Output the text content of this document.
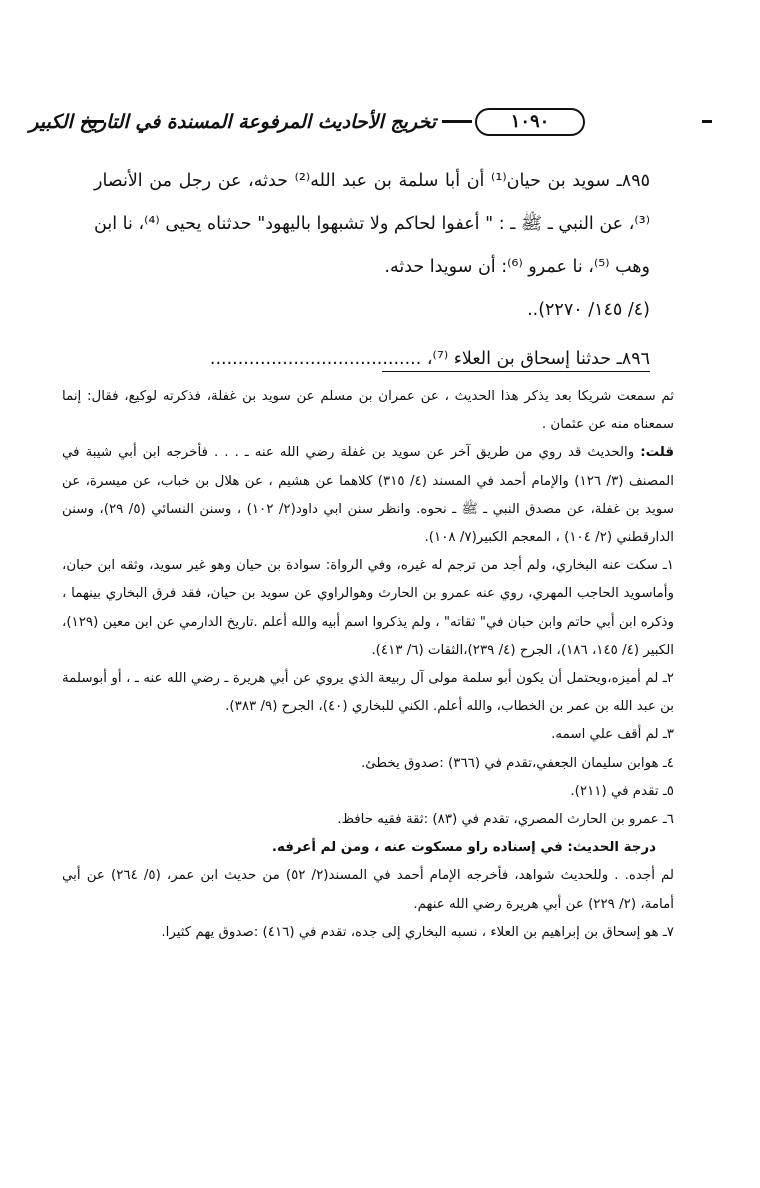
تخريج الأحاديث المرفوعة المسندة في التاريخ الكبير	١٠٩٠

٨٩٥ـ سويد بن حيان⁽¹⁾ أن أبا سلمة بن عبد الله⁽²⁾ حدثه، عن رجل من الأنصار ⁽³⁾، عن النبي ـ ﷺ ـ : " أعفوا لحاكم ولا تشبهوا باليهود" حدثناه يحيى ⁽⁴⁾، نا ابن وهب ⁽⁵⁾، نا عمرو ⁽⁶⁾: أن سويدا حدثه.

(٤/ ١٤٥/ ٢٢٧٠)..

٨٩٦ـ حدثنا إسحاق بن العلاء ⁽⁷⁾، ......................................

ثم سمعت شريكا بعد يذكر هذا الحديث ، عن عمران بن مسلم عن سويد بن غفلة، فذكرته لوكيع، فقال: إنما سمعناه منه عن عثمان .

قلت: والحديث قد روي من طريق آخر عن سويد بن غفلة رضي الله عنه ـ . . . فأخرجه ابن أبي شيبة في المصنف (٣/ ١٢٦) والإمام أحمد في المسند (٤/ ٣١٥) كلاهما عن هشيم ، عن هلال بن خباب، عن ميسرة، عن سويد بن غفلة، عن مصدق النبي ـ ﷺ ـ نحوه. وانظر سنن ابي داود(٢/ ١٠٢) ، وسنن النسائي (٥/ ٢٩)، وسنن الدارقطني (٢/ ١٠٤) ، المعجم الكبير(٧/ ١٠٨).

١ـ سكت عنه البخاري، ولم أجد من ترجم له غيره، وفي الرواة: سوادة بن حيان وهو غير سويد، وثقه ابن حبان، وأماسويد الحاجب المهري، روي عنه عمرو بن الحارث وهوالراوي عن سويد بن حيان، فقد فرق البخاري بينهما ، وذكره ابن أبي حاتم وابن حبان في" ثقاته" ، ولم يذكروا اسم أبيه والله أعلم .تاريخ الدارمي عن ابن معين (١٢٩)، الكبير (٤/ ١٤٥، ١٨٦)، الجرح (٤/ ٢٣٩)،الثقات (٦/ ٤١٣).

٢ـ لم أميزه،ويحتمل أن يكون أبو سلمة مولى آل ربيعة الذي يروي عن أبي هريرة ـ رضي الله عنه ـ ، أو أبوسلمة بن عبد الله بن عمر بن الخطاب، والله أعلم. الكني للبخاري (٤٠)، الجرح (٩/ ٣٨٣).

٣ـ لم أقف علي اسمه.

٤ـ هوابن سليمان الجعفي،تقدم في (٣٦٦) :صدوق يخطئ.

٥ـ تقدم في (٢١١).

٦ـ عمرو بن الحارث المصري، تقدم في (٨٣) :ثقة فقيه حافظ.

درجة الحديث: في إسناده راو مسكوت عنه ، ومن لم أعرفه.

لم أجده. . وللحديث شواهد، فأخرجه الإمام أحمد في المسند(٢/ ٥٢) من حديث ابن عمر، (٥/ ٢٦٤) عن أبي أمامة، (٢/ ٢٢٩) عن أبي هريرة رضي الله عنهم.

٧ـ هو إسحاق بن إبراهيم بن العلاء ، نسبه البخاري إلى جده، تقدم في (٤١٦) :صدوق يهم كثيرا.
